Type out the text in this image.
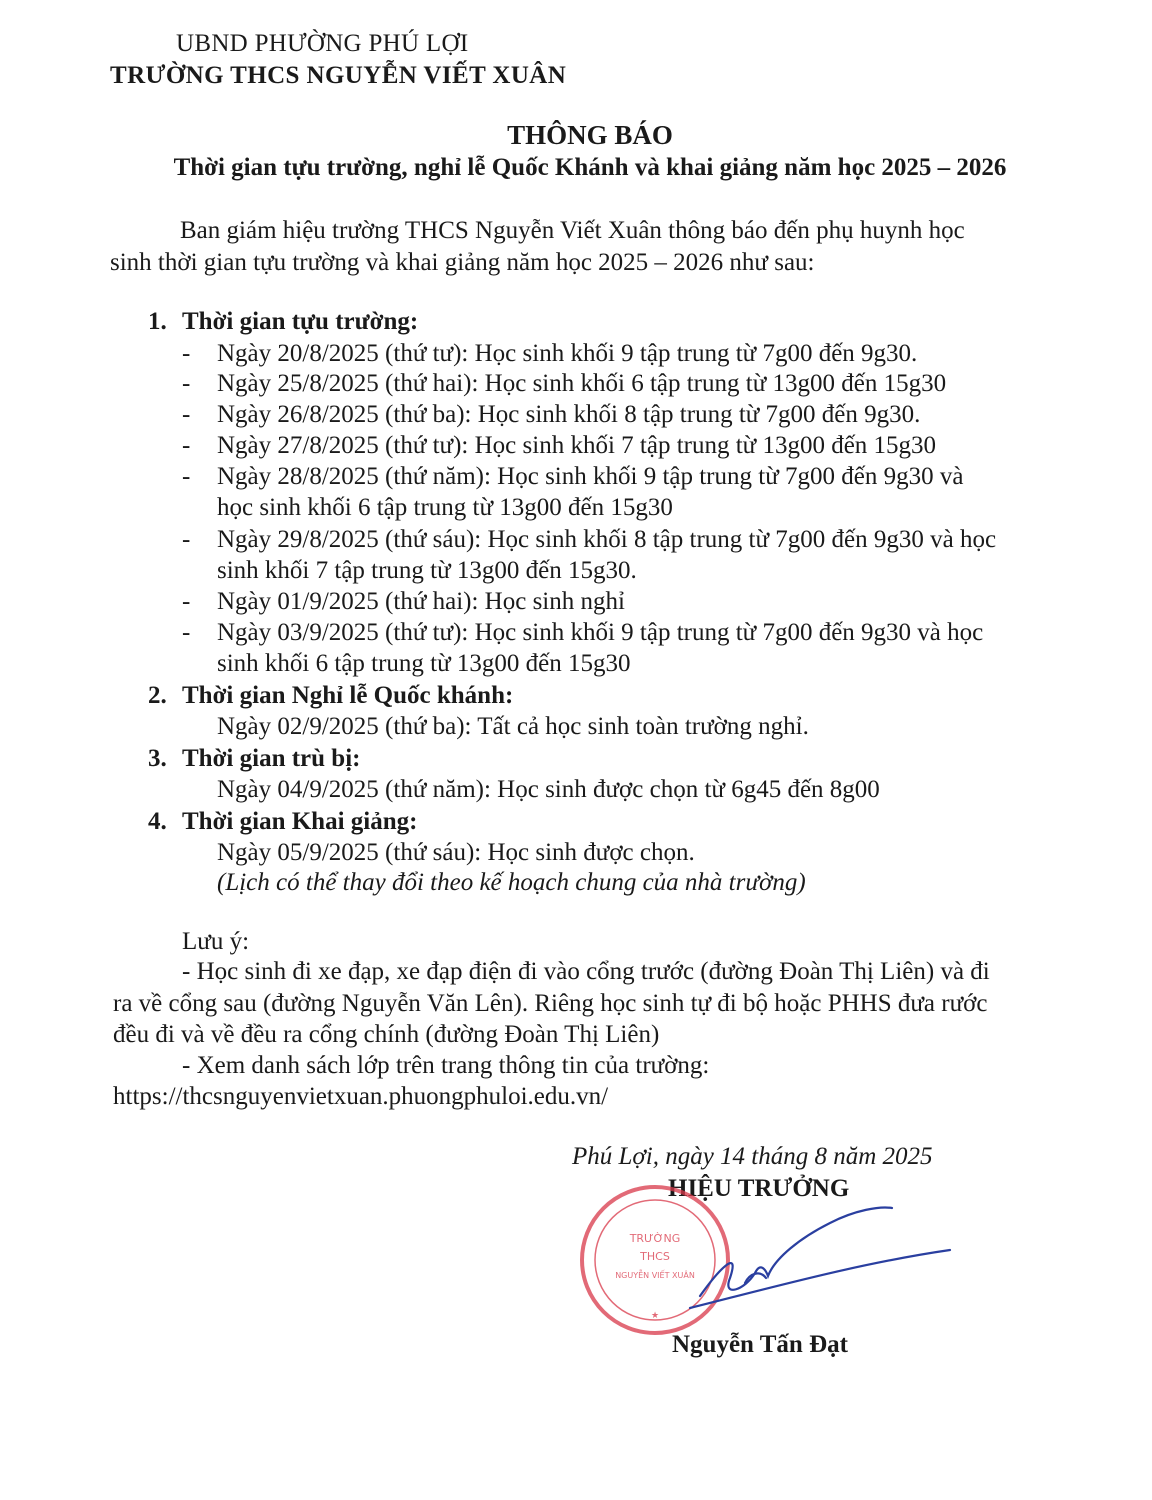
UBND PHƯỜNG PHÚ LỢI
TRƯỜNG THCS NGUYỄN VIẾT XUÂN
THÔNG BÁO
Thời gian tựu trường, nghỉ lễ Quốc Khánh và khai giảng năm học 2025 – 2026
Ban giám hiệu trường THCS Nguyễn Viết Xuân thông báo đến phụ huynh học
sinh thời gian tựu trường và khai giảng năm học 2025 – 2026 như sau:
1. Thời gian tựu trường:
- Ngày 20/8/2025 (thứ tư): Học sinh khối 9 tập trung từ 7g00 đến 9g30.
- Ngày 25/8/2025 (thứ hai): Học sinh khối 6 tập trung từ 13g00 đến 15g30
- Ngày 26/8/2025 (thứ ba): Học sinh khối 8 tập trung từ 7g00 đến 9g30.
- Ngày 27/8/2025 (thứ tư): Học sinh khối 7 tập trung từ 13g00 đến 15g30
- Ngày 28/8/2025 (thứ năm): Học sinh khối 9 tập trung từ 7g00 đến 9g30 và
học sinh khối 6 tập trung từ 13g00 đến 15g30
- Ngày 29/8/2025 (thứ sáu): Học sinh khối 8 tập trung từ 7g00 đến 9g30 và học
sinh khối 7 tập trung từ 13g00 đến 15g30.
- Ngày 01/9/2025 (thứ hai): Học sinh nghỉ
- Ngày 03/9/2025 (thứ tư): Học sinh khối 9 tập trung từ 7g00 đến 9g30 và học
sinh khối 6 tập trung từ 13g00 đến 15g30
2. Thời gian Nghỉ lễ Quốc khánh:
Ngày 02/9/2025 (thứ ba): Tất cả học sinh toàn trường nghỉ.
3. Thời gian trù bị:
Ngày 04/9/2025 (thứ năm): Học sinh được chọn từ 6g45 đến 8g00
4. Thời gian Khai giảng:
Ngày 05/9/2025 (thứ sáu): Học sinh được chọn.
(Lịch có thể thay đổi theo kế hoạch chung của nhà trường)
Lưu ý:
- Học sinh đi xe đạp, xe đạp điện đi vào cổng trước (đường Đoàn Thị Liên) và đi
ra về cổng sau (đường Nguyễn Văn Lên). Riêng học sinh tự đi bộ hoặc PHHS đưa rước
đều đi và về đều ra cổng chính (đường Đoàn Thị Liên)
- Xem danh sách lớp trên trang thông tin của trường:
https://thcsnguyenvietxuan.phuongphuloi.edu.vn/
Phú Lợi, ngày 14 tháng 8 năm 2025
HIỆU TRƯỞNG
TRƯỜNG
THCS
NGUYỄN VIẾT XUÂN
★
Nguyễn Tấn Đạt
